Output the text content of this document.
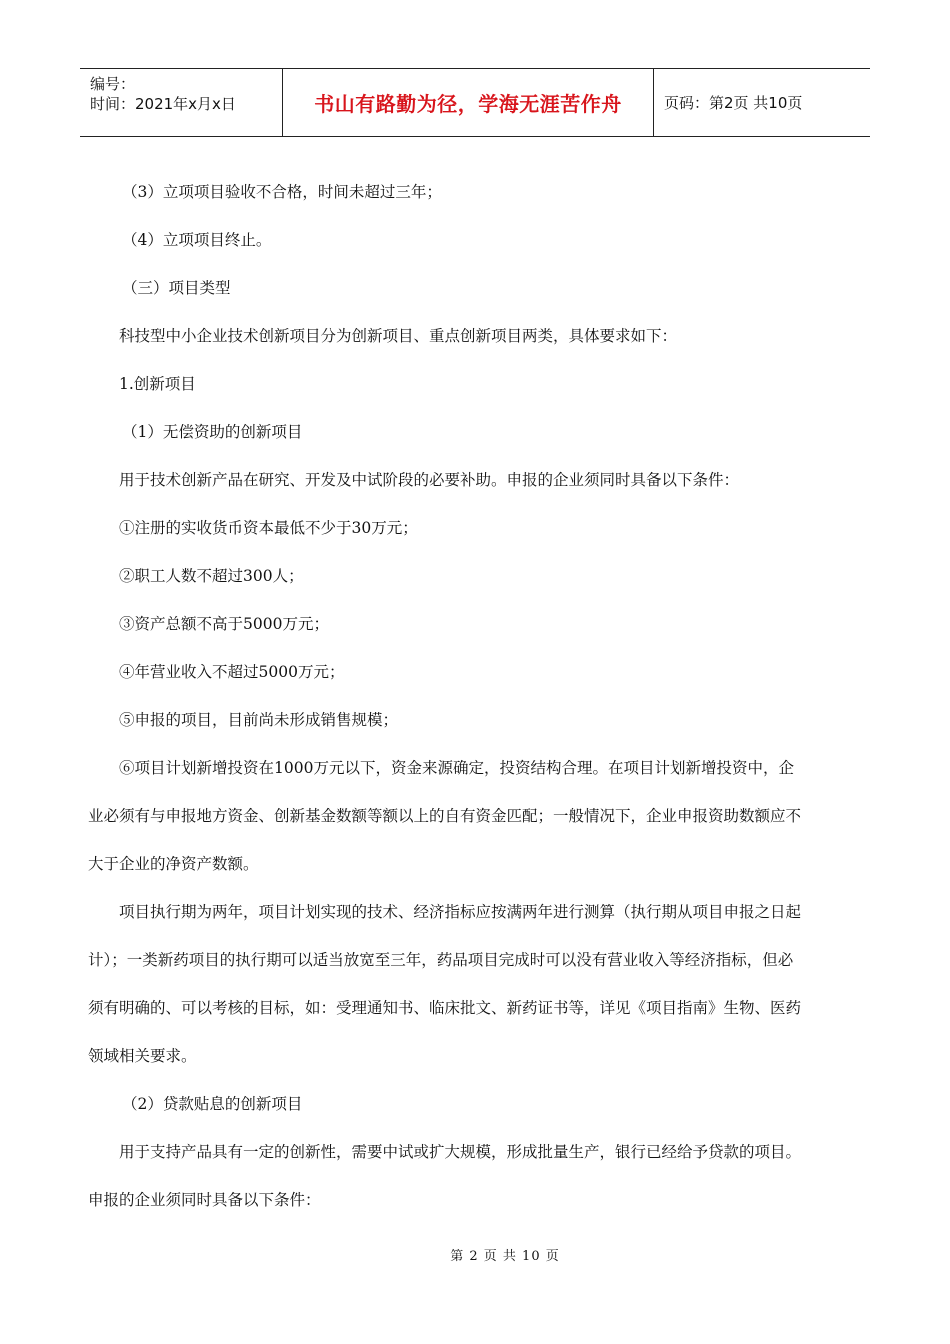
编号：
时间：2021年x月x日	书山有路勤为径，学海无涯苦作舟	页码：第2页 共10页
（3）立项项目验收不合格，时间未超过三年；
（4）立项项目终止。
（三）项目类型
科技型中小企业技术创新项目分为创新项目、重点创新项目两类，具体要求如下：
1.创新项目
（1）无偿资助的创新项目
用于技术创新产品在研究、开发及中试阶段的必要补助。申报的企业须同时具备以下条件：
①注册的实收货币资本最低不少于30万元；
②职工人数不超过300人；
③资产总额不高于5000万元；
④年营业收入不超过5000万元；
⑤申报的项目，目前尚未形成销售规模；
⑥项目计划新增投资在1000万元以下，资金来源确定，投资结构合理。在项目计划新增投资中，企
业必须有与申报地方资金、创新基金数额等额以上的自有资金匹配；一般情况下，企业申报资助数额应不
大于企业的净资产数额。
项目执行期为两年，项目计划实现的技术、经济指标应按满两年进行测算（执行期从项目申报之日起
计）；一类新药项目的执行期可以适当放宽至三年，药品项目完成时可以没有营业收入等经济指标，但必
须有明确的、可以考核的目标，如：受理通知书、临床批文、新药证书等，详见《项目指南》生物、医药
领域相关要求。
（2）贷款贴息的创新项目
用于支持产品具有一定的创新性，需要中试或扩大规模，形成批量生产，银行已经给予贷款的项目。
申报的企业须同时具备以下条件：
第 2 页 共 10 页
